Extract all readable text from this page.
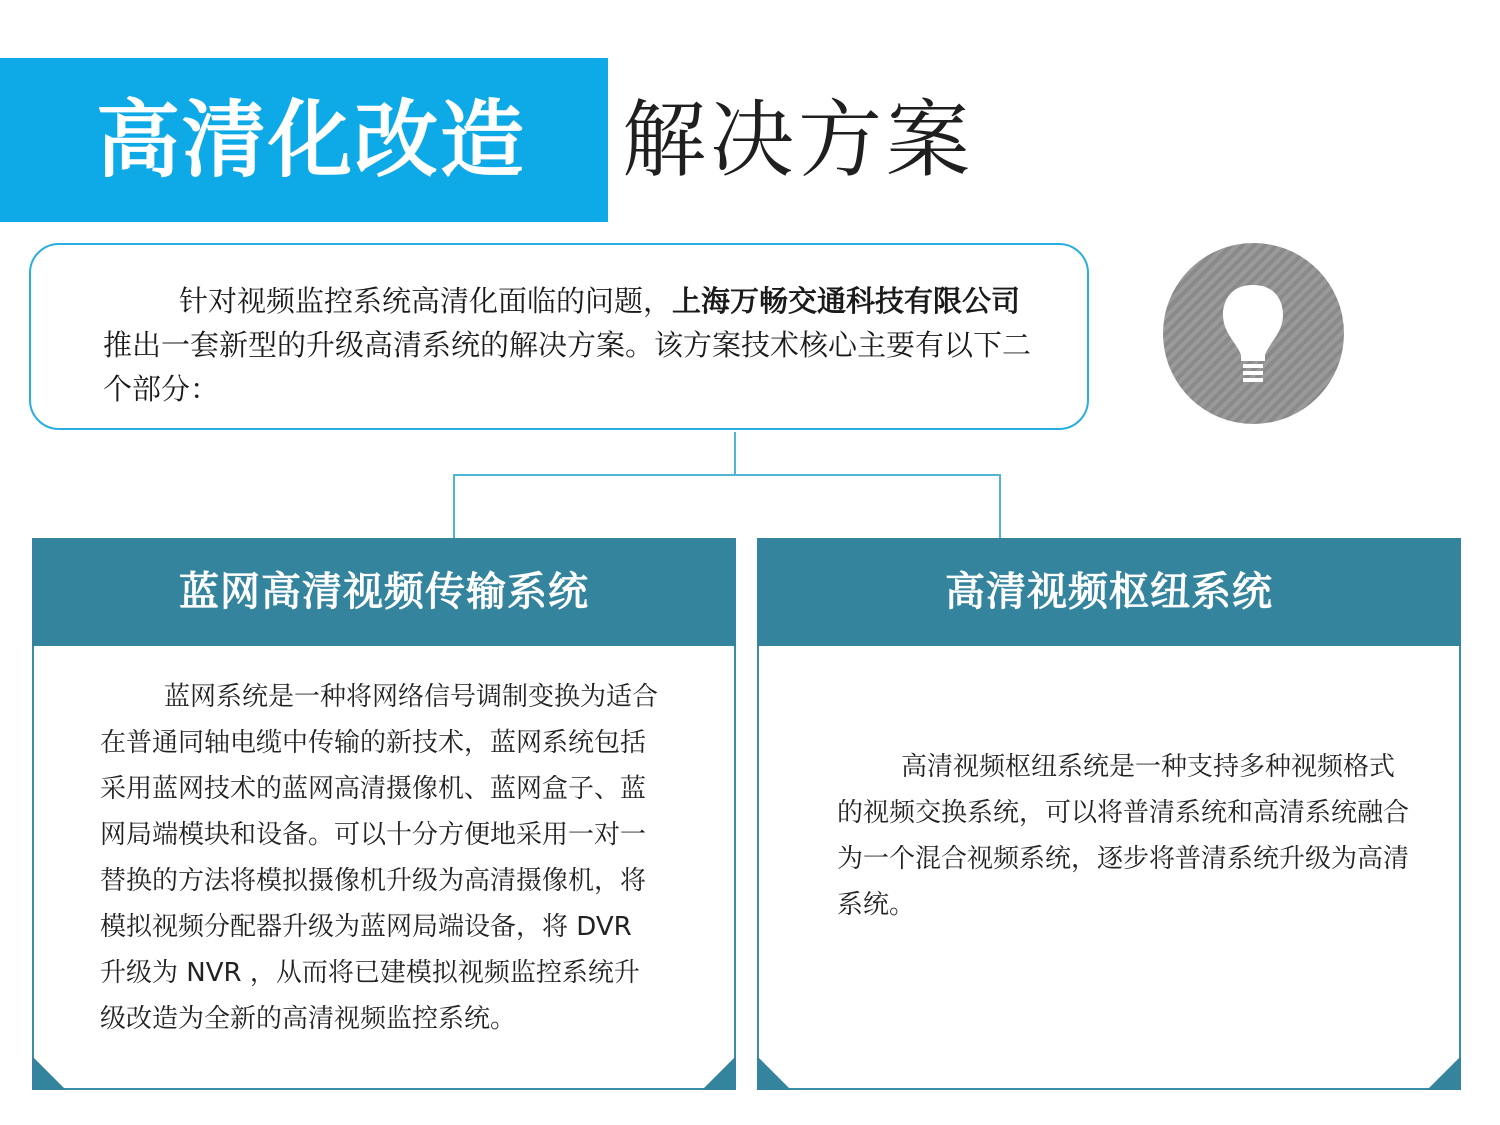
高清化改造 解决方案
针对视频监控系统高清化面临的问题，上海万畅交通科技有限公司推出一套新型的升级高清系统的解决方案。该方案技术核心主要有以下二个部分：
蓝网高清视频传输系统
蓝网系统是一种将网络信号调制变换为适合在普通同轴电缆中传输的新技术，蓝网系统包括采用蓝网技术的蓝网高清摄像机、蓝网盒子、蓝网局端模块和设备。可以十分方便地采用一对一替换的方法将模拟摄像机升级为高清摄像机，将模拟视频分配器升级为蓝网局端设备，将 DVR 升级为 NVR ，从而将已建模拟视频监控系统升级改造为全新的高清视频监控系统。
高清视频枢纽系统
高清视频枢纽系统是一种支持多种视频格式的视频交换系统，可以将普清系统和高清系统融合为一个混合视频系统，逐步将普清系统升级为高清系统。
